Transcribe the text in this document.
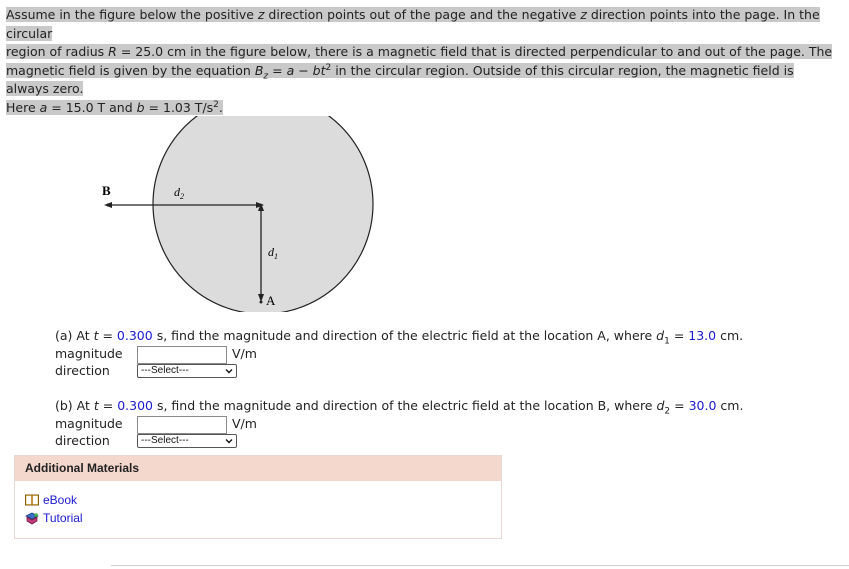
Assume in the figure below the positive z direction points out of the page and the negative z direction points into the page. In the circular

region of radius R = 25.0 cm in the figure below, there is a magnetic field that is directed perpendicular to and out of the page. The

magnetic field is given by the equation $B_z = a - bt^2$ in the circular region. Outside of this circular region, the magnetic field is always zero.

Here a = 15.0 T and b = 1.03 $T/s^2$.

B	$d_2$
$d_1$
A
(a) At t = 0.300 s, find the magnitude and direction of the electric field at the location A, where $d_1 = 13.0$ cm.
magnitude	V/m
direction	---Select---
(b) At t = 0.300 s, find the magnitude and direction of the electric field at the location B, where $d_2 = 30.0$ cm.
magnitude	V/m
direction	---Select---
Additional Materials
eBook
Tutorial
